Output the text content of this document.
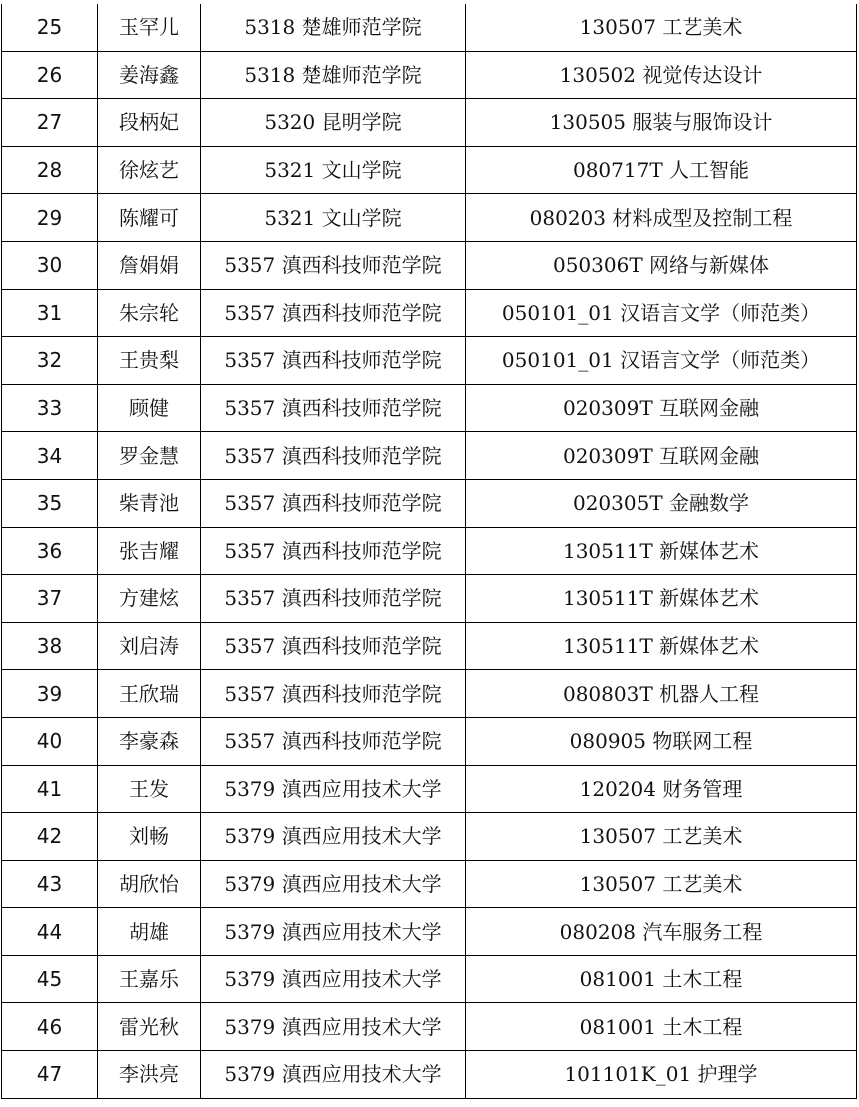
25	玉罕儿	5318 楚雄师范学院	130507 工艺美术
26	姜海鑫	5318 楚雄师范学院	130502 视觉传达设计
27	段柄妃	5320 昆明学院	130505 服装与服饰设计
28	徐炫艺	5321 文山学院	080717T 人工智能
29	陈耀可	5321 文山学院	080203 材料成型及控制工程
30	詹娟娟	5357 滇西科技师范学院	050306T 网络与新媒体
31	朱宗轮	5357 滇西科技师范学院	050101_01 汉语言文学（师范类）
32	王贵梨	5357 滇西科技师范学院	050101_01 汉语言文学（师范类）
33	顾健	5357 滇西科技师范学院	020309T 互联网金融
34	罗金慧	5357 滇西科技师范学院	020309T 互联网金融
35	柴青池	5357 滇西科技师范学院	020305T 金融数学
36	张吉耀	5357 滇西科技师范学院	130511T 新媒体艺术
37	方建炫	5357 滇西科技师范学院	130511T 新媒体艺术
38	刘启涛	5357 滇西科技师范学院	130511T 新媒体艺术
39	王欣瑞	5357 滇西科技师范学院	080803T 机器人工程
40	李豪森	5357 滇西科技师范学院	080905 物联网工程
41	王发	5379 滇西应用技术大学	120204 财务管理
42	刘畅	5379 滇西应用技术大学	130507 工艺美术
43	胡欣怡	5379 滇西应用技术大学	130507 工艺美术
44	胡雄	5379 滇西应用技术大学	080208 汽车服务工程
45	王嘉乐	5379 滇西应用技术大学	081001 土木工程
46	雷光秋	5379 滇西应用技术大学	081001 土木工程
47	李洪亮	5379 滇西应用技术大学	101101K_01 护理学
